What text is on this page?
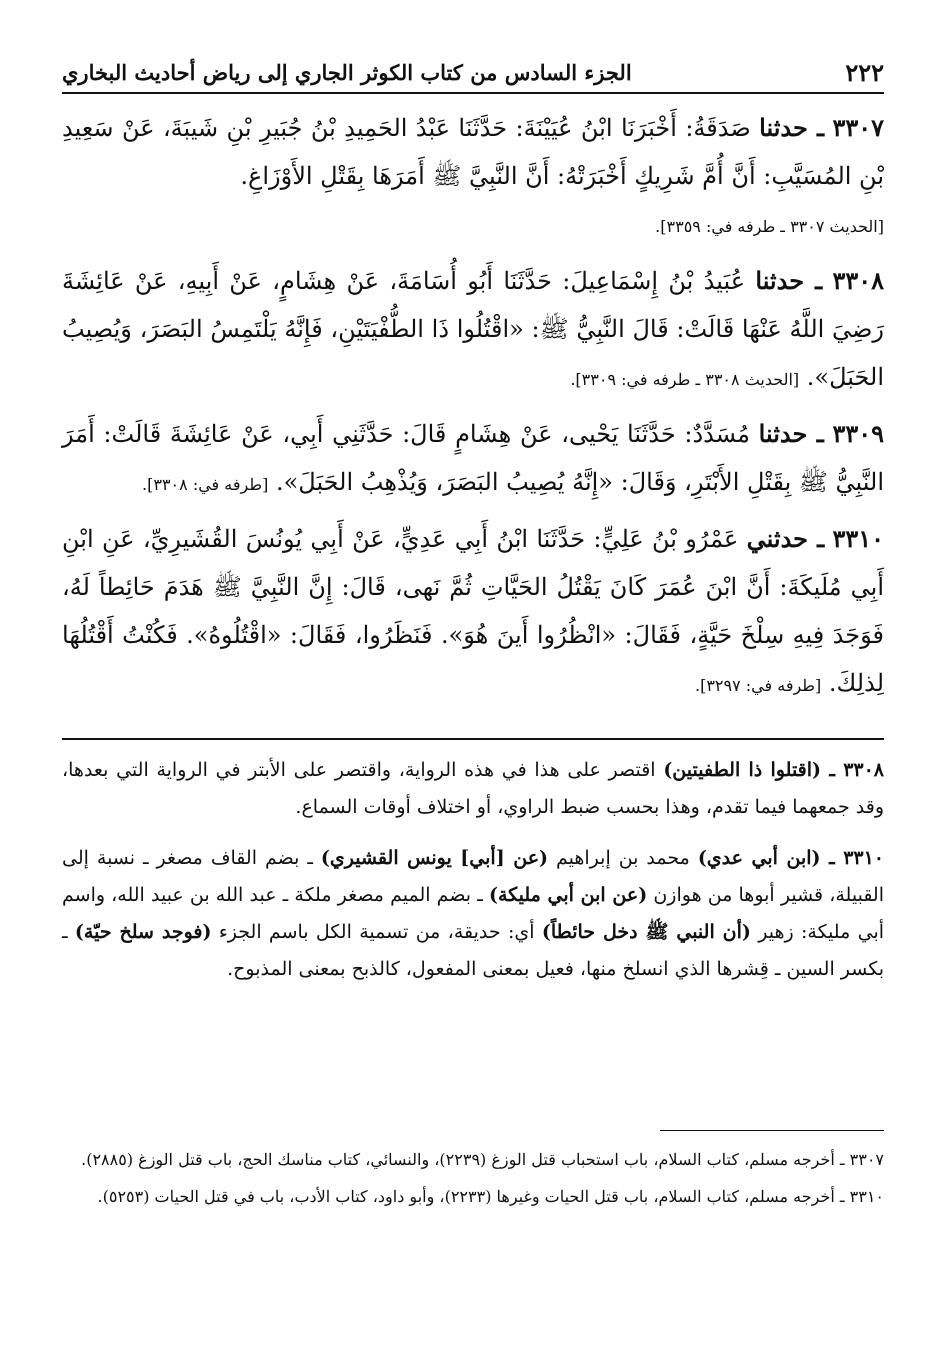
٢٢٢
الجزء السادس من كتاب الكوثر الجاري إلى رياض أحاديث البخاري
٣٣٠٧ ـ حدثنا صَدَقَةُ: أَخْبَرَنَا ابْنُ عُيَيْنَةَ: حَدَّثَنَا عَبْدُ الحَمِيدِ بْنُ جُبَيرِ بْنِ شَيبَةَ، عَنْ سَعِيدِ بْنِ المُسَيَّبِ: أَنَّ أُمَّ شَرِيكٍ أَخْبَرَتْهُ: أَنَّ النَّبِيَّ ﷺ أَمَرَهَا بِقَتْلِ الأَوْزَاغِ.
[الحديث ٣٣٠٧ ـ طرفه في: ٣٣٥٩].
٣٣٠٨ ـ حدثنا عُبَيدُ بْنُ إِسْمَاعِيلَ: حَدَّثَنَا أَبُو أُسَامَةَ، عَنْ هِشَامٍ، عَنْ أَبِيهِ، عَنْ عَائِشَةَ رَضِيَ اللَّهُ عَنْهَا قَالَتْ: قَالَ النَّبِيُّ ﷺ: «اقْتُلُوا ذَا الطُّفْيَتَيْنِ، فَإِنَّهُ يَلْتَمِسُ البَصَرَ، وَيُصِيبُ الحَبَلَ». [الحديث ٣٣٠٨ ـ طرفه في: ٣٣٠٩].
٣٣٠٩ ـ حدثنا مُسَدَّدٌ: حَدَّثَنَا يَحْيى، عَنْ هِشَامٍ قَالَ: حَدَّثَنِي أَبِي، عَنْ عَائِشَةَ قَالَتْ: أَمَرَ النَّبِيُّ ﷺ بِقَتْلِ الأَبْتَرِ، وَقَالَ: «إِنَّهُ يُصِيبُ البَصَرَ، وَيُذْهِبُ الحَبَلَ». [طرفه في: ٣٣٠٨].
٣٣١٠ ـ حدثني عَمْرُو بْنُ عَلِيٍّ: حَدَّثَنَا ابْنُ أَبِي عَدِيٍّ، عَنْ أَبِي يُونُسَ القُشَيرِيِّ، عَنِ ابْنِ أَبِي مُلَيكَةَ: أَنَّ ابْنَ عُمَرَ كَانَ يَقْتُلُ الحَيَّاتِ ثُمَّ نَهى، قَالَ: إِنَّ النَّبِيَّ ﷺ هَدَمَ حَائِطاً لَهُ، فَوَجَدَ فِيهِ سِلْخَ حَيَّةٍ، فَقَالَ: «انْظُرُوا أَينَ هُوَ». فَنَظَرُوا، فَقَالَ: «اقْتُلُوهُ». فَكُنْتُ أَقْتُلُهَا لِذلِكَ. [طرفه في: ٣٢٩٧].

٣٣٠٨ ـ (اقتلوا ذا الطفيتين) اقتصر على هذا في هذه الرواية، واقتصر على الأبتر في الرواية التي بعدها، وقد جمعهما فيما تقدم، وهذا بحسب ضبط الراوي، أو اختلاف أوقات السماع.

٣٣١٠ ـ (ابن أبي عدي) محمد بن إبراهيم (عن [أبي] يونس القشيري) ـ بضم القاف مصغر ـ نسبة إلى القبيلة، قشير أبوها من هوازن (عن ابن أبي مليكة) ـ بضم الميم مصغر ملكة ـ عبد الله بن عبيد الله، واسم أبي مليكة: زهير (أن النبي ﷺ دخل حائطاً) أي: حديقة، من تسمية الكل باسم الجزء (فوجد سلخ حيّة) ـ بكسر السين ـ قِشرها الذي انسلخ منها، فعيل بمعنى المفعول، كالذبح بمعنى المذبوح.

٣٣٠٧ ـ أخرجه مسلم، كتاب السلام، باب استحباب قتل الوزغ (٢٢٣٩)، والنسائي، كتاب مناسك الحج، باب قتل الوزغ (٢٨٨٥).

٣٣١٠ ـ أخرجه مسلم، كتاب السلام، باب قتل الحيات وغيرها (٢٢٣٣)، وأبو داود، كتاب الأدب، باب في قتل الحيات (٥٢٥٣).
